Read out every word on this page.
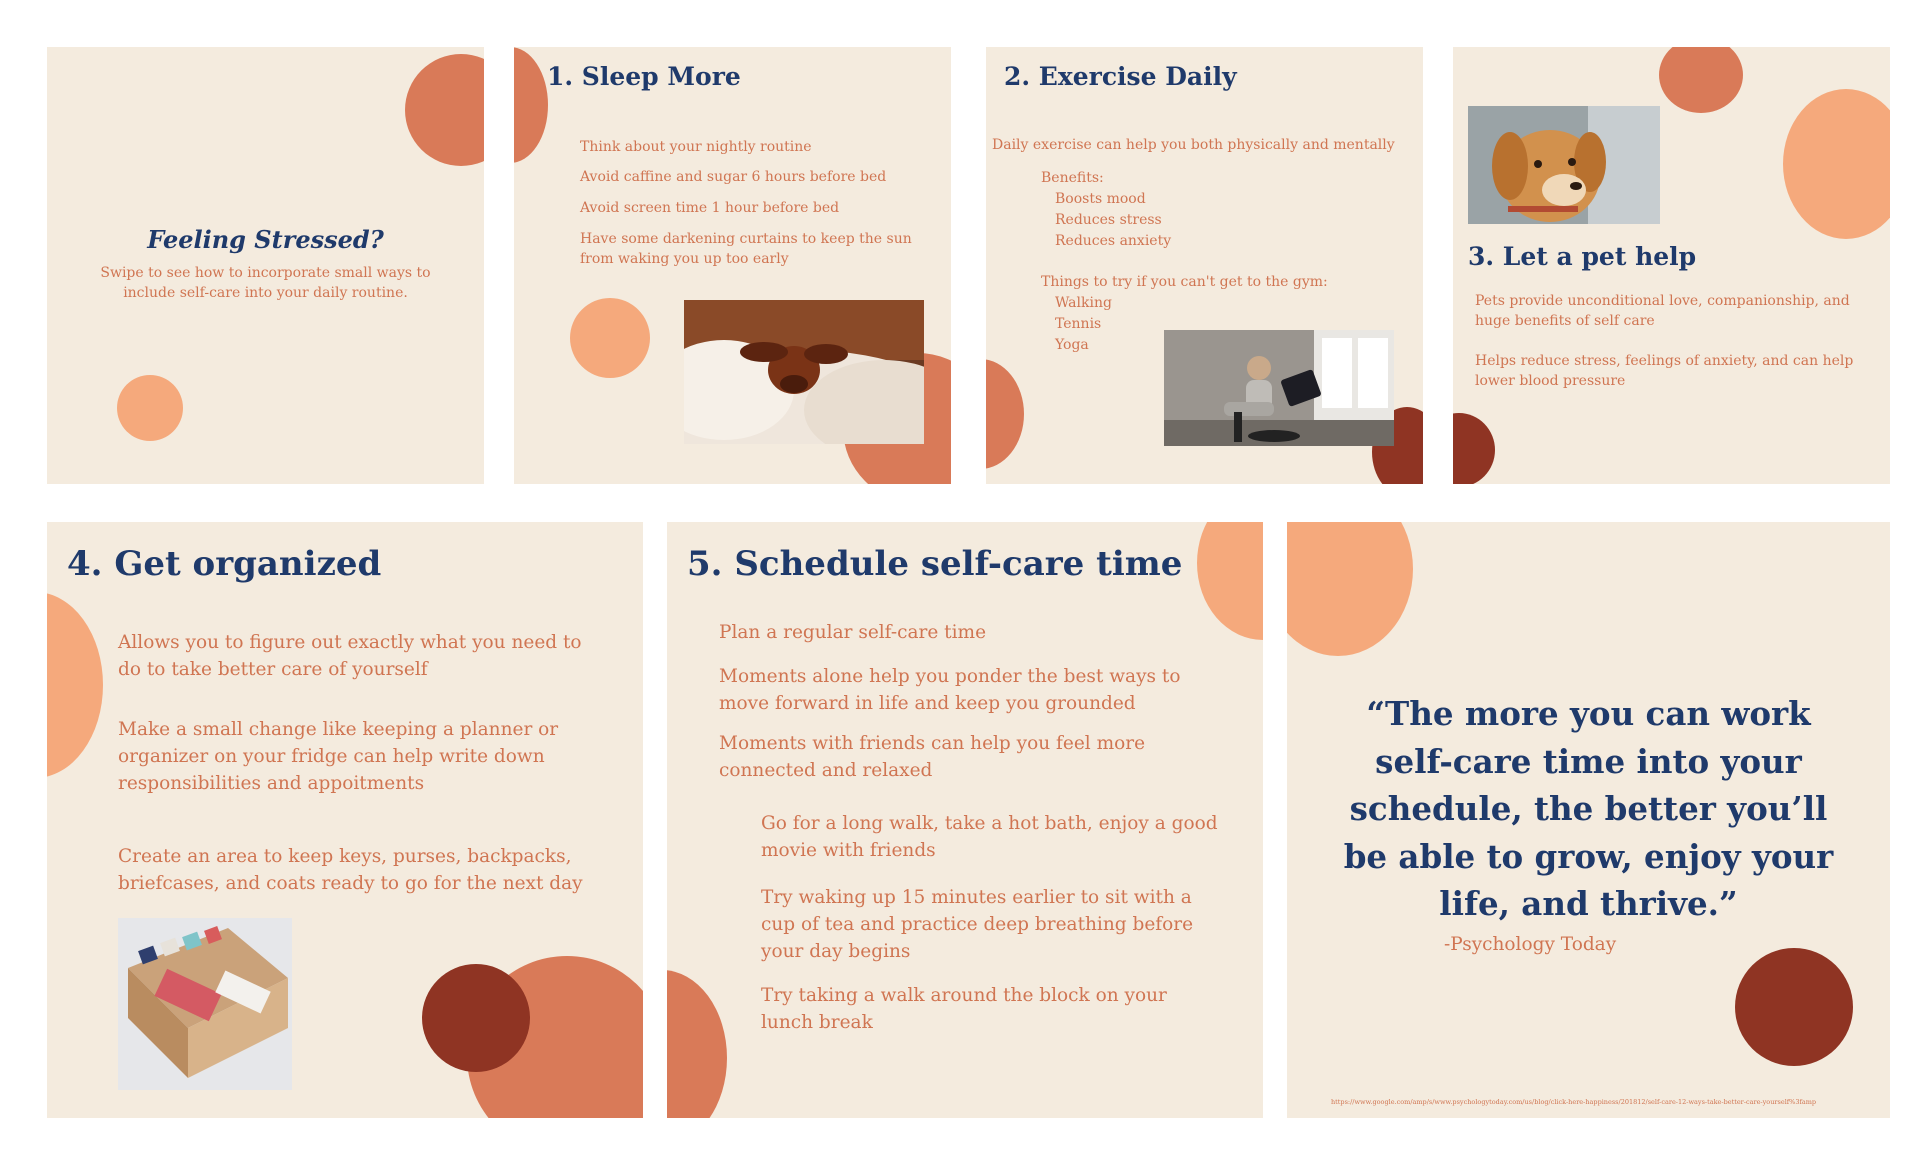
Feeling Stressed?

Swipe to see how to incorporate small ways to

include self-care into your daily routine.

1. Sleep More

Think about your nightly routine

Avoid caffine and sugar 6 hours before bed

Avoid screen time 1 hour before bed

Have some darkening curtains to keep the sun

from waking you up too early

2. Exercise Daily

Daily exercise can help you both physically and mentally

Benefits:

Boosts mood

Reduces stress

Reduces anxiety

Things to try if you can't get to the gym:

Walking

Tennis

Yoga

3. Let a pet help

Pets provide unconditional love, companionship, and

huge benefits of self care

Helps reduce stress, feelings of anxiety, and can help

lower blood pressure

4. Get organized

Allows you to figure out exactly what you need to

do to take better care of yourself

Make a small change like keeping a planner or

organizer on your fridge can help write down

responsibilities and appoitments

Create an area to keep keys, purses, backpacks,

briefcases, and coats ready to go for the next day

5. Schedule self-care time

Plan a regular self-care time

Moments alone help you ponder the best ways to

move forward in life and keep you grounded

Moments with friends can help you feel more

connected and relaxed

Go for a long walk, take a hot bath, enjoy a good

movie with friends

Try waking up 15 minutes earlier to sit with a

cup of tea and practice deep breathing before

your day begins

Try taking a walk around the block on your

lunch break

“The more you can work

self-care time into your

schedule, the better you’ll

be able to grow, enjoy your

life, and thrive.”

-Psychology Today

https://www.google.com/amp/s/www.psychologytoday.com/us/blog/click-here-happiness/201812/self-care-12-ways-take-better-care-yourself%3famp
